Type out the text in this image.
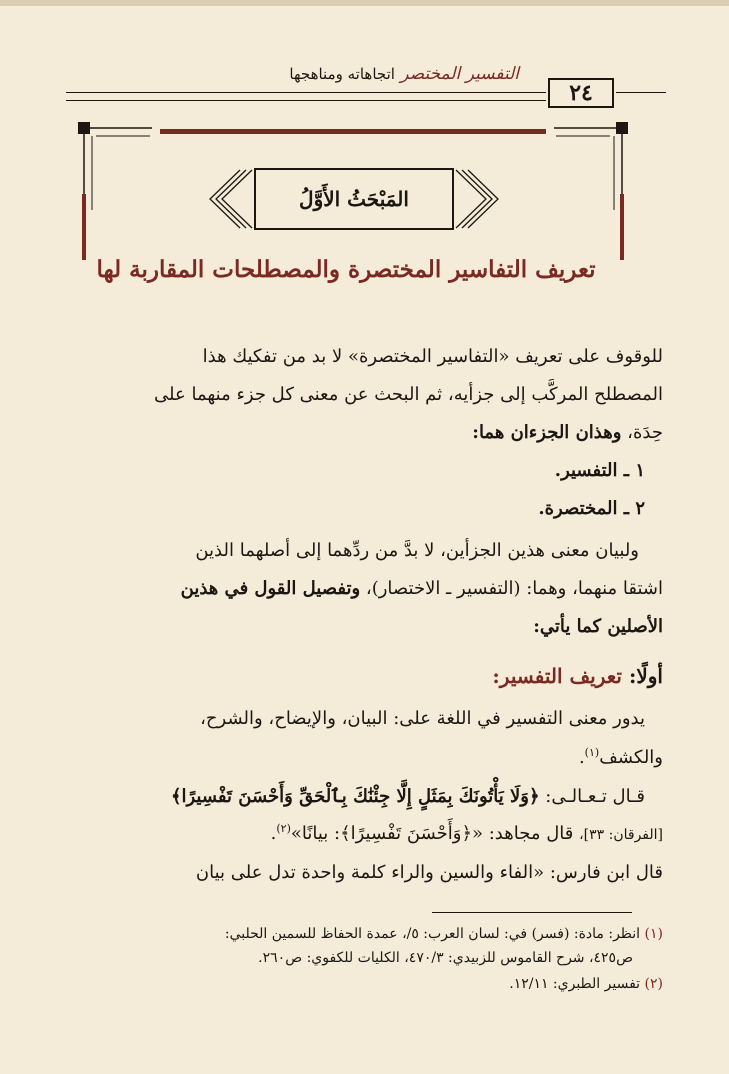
التفسير المختصر اتجاهاته ومناهجها
٢٤
المَبْحَثُ الأَوَّلُ
تعريف التفاسير المختصرة والمصطلحات المقاربة لها
للوقوف على تعريف «التفاسير المختصرة» لا بد من تفكيك هذا
المصطلح المركَّب إلى جزأيه، ثم البحث عن معنى كل جزء منهما على
حِدَة، وهذان الجزءان هما:
١ ـ التفسير.
٢ ـ المختصرة.
ولبيان معنى هذين الجزأين، لا بدَّ من ردِّهما إلى أصلهما الذين
اشتقا منهما، وهما: (التفسير ـ الاختصار)، وتفصيل القول في هذين
الأصلين كما يأتي:
أولًا: تعريف التفسير:
يدور معنى التفسير في اللغة على: البيان، والإيضاح، والشرح،
والكشف$^{(١)}$.
قـال تـعـالـى: ﴿وَلَا يَأْتُونَكَ بِمَثَلٍ إِلَّا جِئْنَٰكَ بِٱلْحَقِّ وَأَحْسَنَ تَفْسِيرًا﴾
[الفرقان: ٣٣]، قال مجاهد: «﴿وَأَحْسَنَ تَفْسِيرًا﴾: بيانًا»$^{(٢)}$.
قال ابن فارس: «الفاء والسين والراء كلمة واحدة تدل على بيان
(١) انظر: مادة: (فسر) في: لسان العرب: ٥/، عمدة الحفاظ للسمين الحلبي:
ص٤٢٥، شرح القاموس للزبيدي: ٤٧٠/٣، الكليات للكفوي: ص٢٦٠.
(٢) تفسير الطبري: ١٢/١١.
